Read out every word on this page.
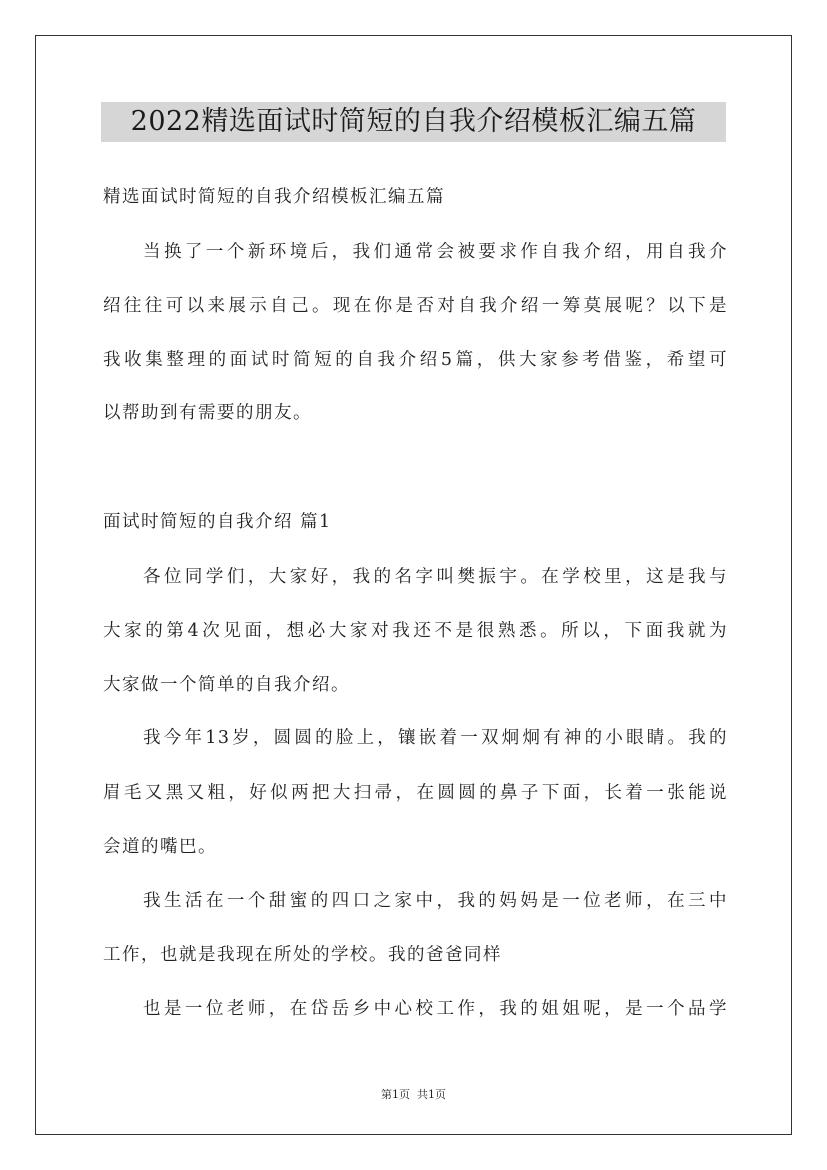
2022精选面试时简短的自我介绍模板汇编五篇
精选面试时简短的自我介绍模板汇编五篇
当换了一个新环境后，我们通常会被要求作自我介绍，用自我介
绍往往可以来展示自己。现在你是否对自我介绍一筹莫展呢？以下是
我收集整理的面试时简短的自我介绍5篇，供大家参考借鉴，希望可
以帮助到有需要的朋友。
面试时简短的自我介绍 篇1
各位同学们，大家好，我的名字叫樊振宇。在学校里，这是我与
大家的第4次见面，想必大家对我还不是很熟悉。所以，下面我就为
大家做一个简单的自我介绍。
我今年13岁，圆圆的脸上，镶嵌着一双炯炯有神的小眼睛。我的
眉毛又黑又粗，好似两把大扫帚，在圆圆的鼻子下面，长着一张能说
会道的嘴巴。
我生活在一个甜蜜的四口之家中，我的妈妈是一位老师，在三中
工作，也就是我现在所处的学校。我的爸爸同样
也是一位老师，在岱岳乡中心校工作，我的姐姐呢，是一个品学
第1页  共1页
